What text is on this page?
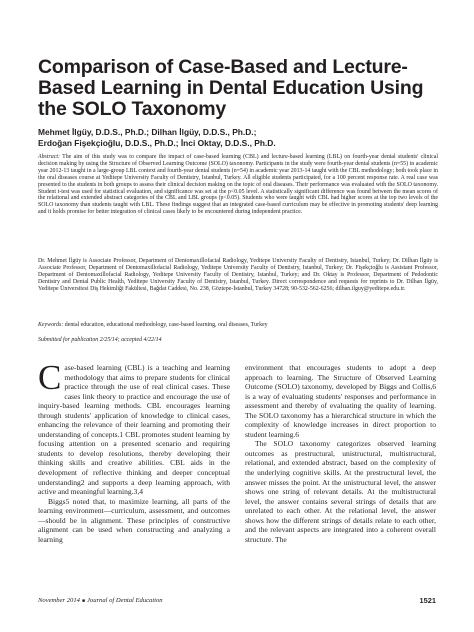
Comparison of Case-Based and Lecture-Based Learning in Dental Education Using the SOLO Taxonomy
Mehmet İlgüy, D.D.S., Ph.D.; Dilhan İlgüy, D.D.S., Ph.D.;
Erdoğan Fişekçioğlu, D.D.S., Ph.D.; İnci Oktay, D.D.S., Ph.D.

Abstract: The aim of this study was to compare the impact of case-based learning (CBL) and lecture-based learning (LBL) on fourth-year dental students' clinical decision making by using the Structure of Observed Learning Outcome (SOLO) taxonomy. Participants in the study were fourth-year dental students (n=55) in academic year 2012-13 taught in a large-group LBL context and fourth-year dental students (n=54) in academic year 2013-14 taught with the CBL methodology; both took place in the oral diseases course at Yeditepe University Faculty of Dentistry, Istanbul, Turkey. All eligible students participated, for a 100 percent response rate. A real case was presented to the students in both groups to assess their clinical decision making on the topic of oral diseases. Their performance was evaluated with the SOLO taxonomy. Student t-test was used for statistical evaluation, and significance was set at the p<0.05 level. A statistically significant difference was found between the mean scores of the relational and extended abstract categories of the CBL and LBL groups (p<0.05). Students who were taught with CBL had higher scores at the top two levels of the SOLO taxonomy than students taught with LBL. These findings suggest that an integrated case-based curriculum may be effective in promoting students' deep learning and it holds promise for better integration of clinical cases likely to be encountered during independent practice.

Dr. Mehmet İlgüy is Associate Professor, Department of Dentomaxillofacial Radiology, Yeditepe University Faculty of Dentistry, Istanbul, Turkey; Dr. Dilhan İlgüy is Associate Professor, Department of Dentomaxillofacial Radiology, Yeditepe University Faculty of Dentistry, Istanbul, Turkey; Dr. Fişekçioğlu is Assistant Professor, Department of Dentomaxillofacial Radiology, Yeditepe University Faculty of Dentistry, Istanbul, Turkey; and Dr. Oktay is Professor, Department of Pedodontic Dentistry and Dental Public Health, Yeditepe University Faculty of Dentistry, Istanbul, Turkey. Direct correspondence and requests for reprints to Dr. Dilhan İlgüy, Yeditepe Üniversitesi Diş Hekimliği Fakültesi, Bağdat Caddesi, No. 238, Göztepe-İstanbul, Turkey 34728; 90-532-562-6256; dilhan.ilguy@yeditepe.edu.tr.

Keywords: dental education, educational methodology, case-based learning, oral diseases, Turkey

Submitted for publication 2/25/14; accepted 4/22/14

Case-based learning (CBL) is a teaching and learning methodology that aims to prepare students for clinical practice through the use of real clinical cases. These cases link theory to practice and encourage the use of inquiry-based learning methods. CBL encourages learning through students' application of knowledge to clinical cases, enhancing the relevance of their learning and promoting their understanding of concepts.1 CBL promotes student learning by focusing attention on a presented scenario and requiring students to develop resolutions, thereby developing their thinking skills and creative abilities. CBL aids in the development of reflective thinking and deeper conceptual understanding2 and supports a deep learning approach, with active and meaningful learning.3,4

Biggs5 noted that, to maximize learning, all parts of the learning environment—curriculum, assessment, and outcomes—should be in alignment. These principles of constructive alignment can be used when constructing and analyzing a learning

environment that encourages students to adopt a deep approach to learning. The Structure of Observed Learning Outcome (SOLO) taxonomy, developed by Biggs and Collis,6 is a way of evaluating students' responses and performance in assessment and thereby of evaluating the quality of learning. The SOLO taxonomy has a hierarchical structure in which the complexity of knowledge increases in direct proportion to student learning.6

The SOLO taxonomy categorizes observed learning outcomes as prestructural, unistructural, multistructural, relational, and extended abstract, based on the complexity of the underlying cognitive skills. At the prestructural level, the answer misses the point. At the unistructural level, the answer shows one string of relevant details. At the multistructural level, the answer contains several strings of details that are unrelated to each other. At the relational level, the answer shows how the different strings of details relate to each other, and the relevant aspects are integrated into a coherent overall structure. The

November 2014 ■ Journal of Dental Education	1521
